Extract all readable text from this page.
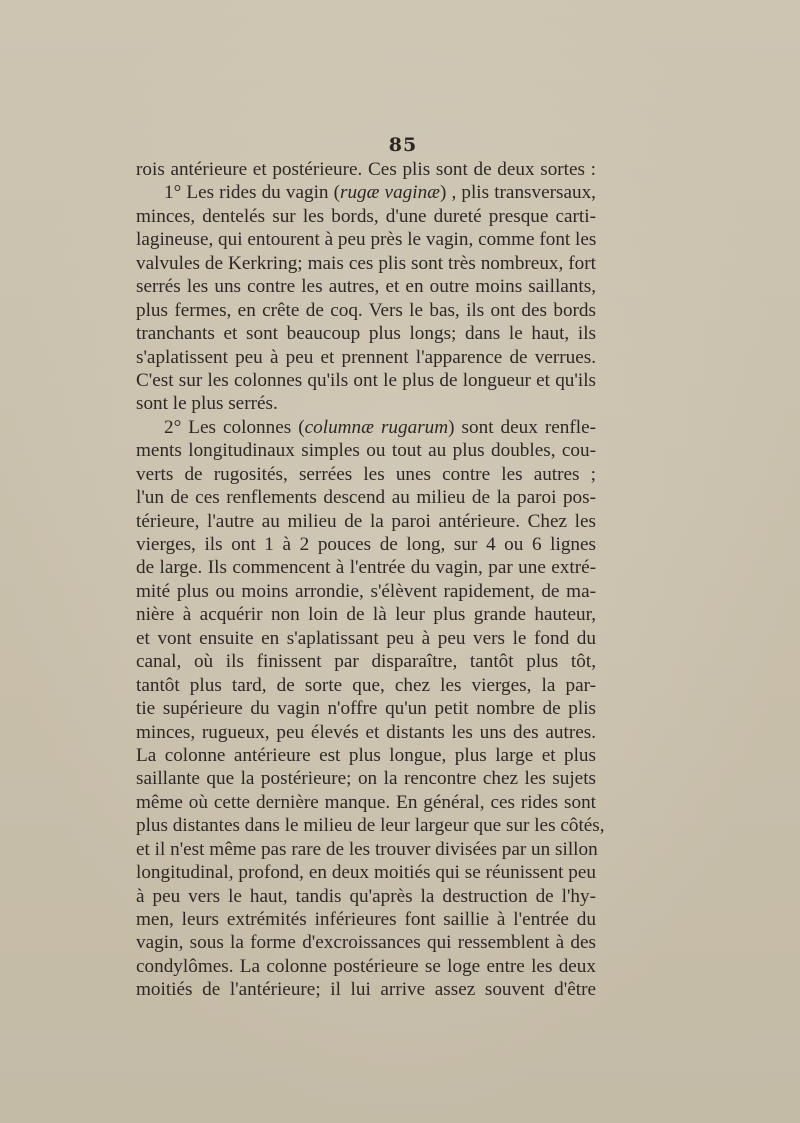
85
rois antérieure et postérieure. Ces plis sont de deux sortes :
1° Les rides du vagin (rugæ vaginæ) , plis transversaux,
minces, dentelés sur les bords, d'une dureté presque carti-
lagineuse, qui entourent à peu près le vagin, comme font les
valvules de Kerkring; mais ces plis sont très nombreux, fort
serrés les uns contre les autres, et en outre moins saillants,
plus fermes, en crête de coq. Vers le bas, ils ont des bords
tranchants et sont beaucoup plus longs; dans le haut, ils
s'aplatissent peu à peu et prennent l'apparence de verrues.
C'est sur les colonnes qu'ils ont le plus de longueur et qu'ils
sont le plus serrés.
2° Les colonnes (columnæ rugarum) sont deux renfle-
ments longitudinaux simples ou tout au plus doubles, cou-
verts de rugosités, serrées les unes contre les autres ;
l'un de ces renflements descend au milieu de la paroi pos-
térieure, l'autre au milieu de la paroi antérieure. Chez les
vierges, ils ont 1 à 2 pouces de long, sur 4 ou 6 lignes
de large. Ils commencent à l'entrée du vagin, par une extré-
mité plus ou moins arrondie, s'élèvent rapidement, de ma-
nière à acquérir non loin de là leur plus grande hauteur,
et vont ensuite en s'aplatissant peu à peu vers le fond du
canal, où ils finissent par disparaître, tantôt plus tôt,
tantôt plus tard, de sorte que, chez les vierges, la par-
tie supérieure du vagin n'offre qu'un petit nombre de plis
minces, rugueux, peu élevés et distants les uns des autres.
La colonne antérieure est plus longue, plus large et plus
saillante que la postérieure; on la rencontre chez les sujets
même où cette dernière manque. En général, ces rides sont
plus distantes dans le milieu de leur largeur que sur les côtés,
et il n'est même pas rare de les trouver divisées par un sillon
longitudinal, profond, en deux moitiés qui se réunissent peu
à peu vers le haut, tandis qu'après la destruction de l'hy-
men, leurs extrémités inférieures font saillie à l'entrée du
vagin, sous la forme d'excroissances qui ressemblent à des
condylômes. La colonne postérieure se loge entre les deux
moitiés de l'antérieure; il lui arrive assez souvent d'être
